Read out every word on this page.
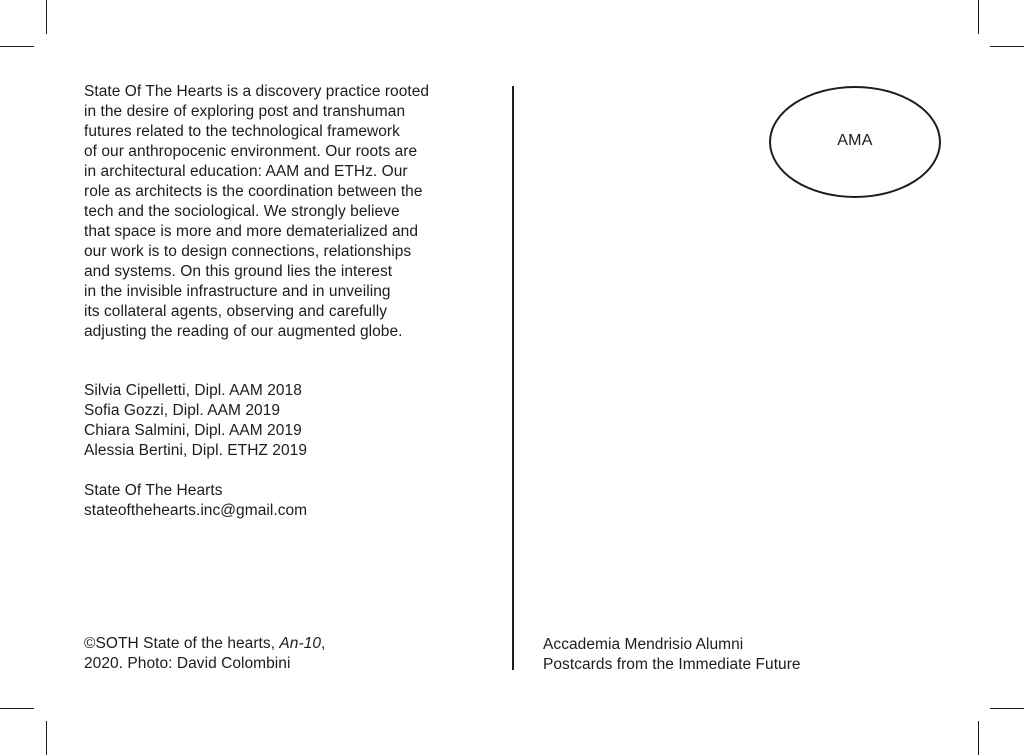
State Of The Hearts is a discovery practice rooted
in the desire of exploring post and transhuman
futures related to the technological framework
of our anthropocenic environment. Our roots are
in architectural education: AAM and ETHz. Our
role as architects is the coordination between the
tech and the sociological. We strongly believe
that space is more and more dematerialized and
our work is to design connections, relationships
and systems. On this ground lies the interest
in the invisible infrastructure and in unveiling
its collateral agents, observing and carefully
adjusting the reading of our augmented globe.
Silvia Cipelletti, Dipl. AAM 2018
Sofia Gozzi, Dipl. AAM 2019
Chiara Salmini, Dipl. AAM 2019
Alessia Bertini, Dipl. ETHZ 2019
State Of The Hearts
stateofthehearts.inc@gmail.com
©SOTH State of the hearts, An-10,
2020. Photo: David Colombini
AMA
Accademia Mendrisio Alumni
Postcards from the Immediate Future
